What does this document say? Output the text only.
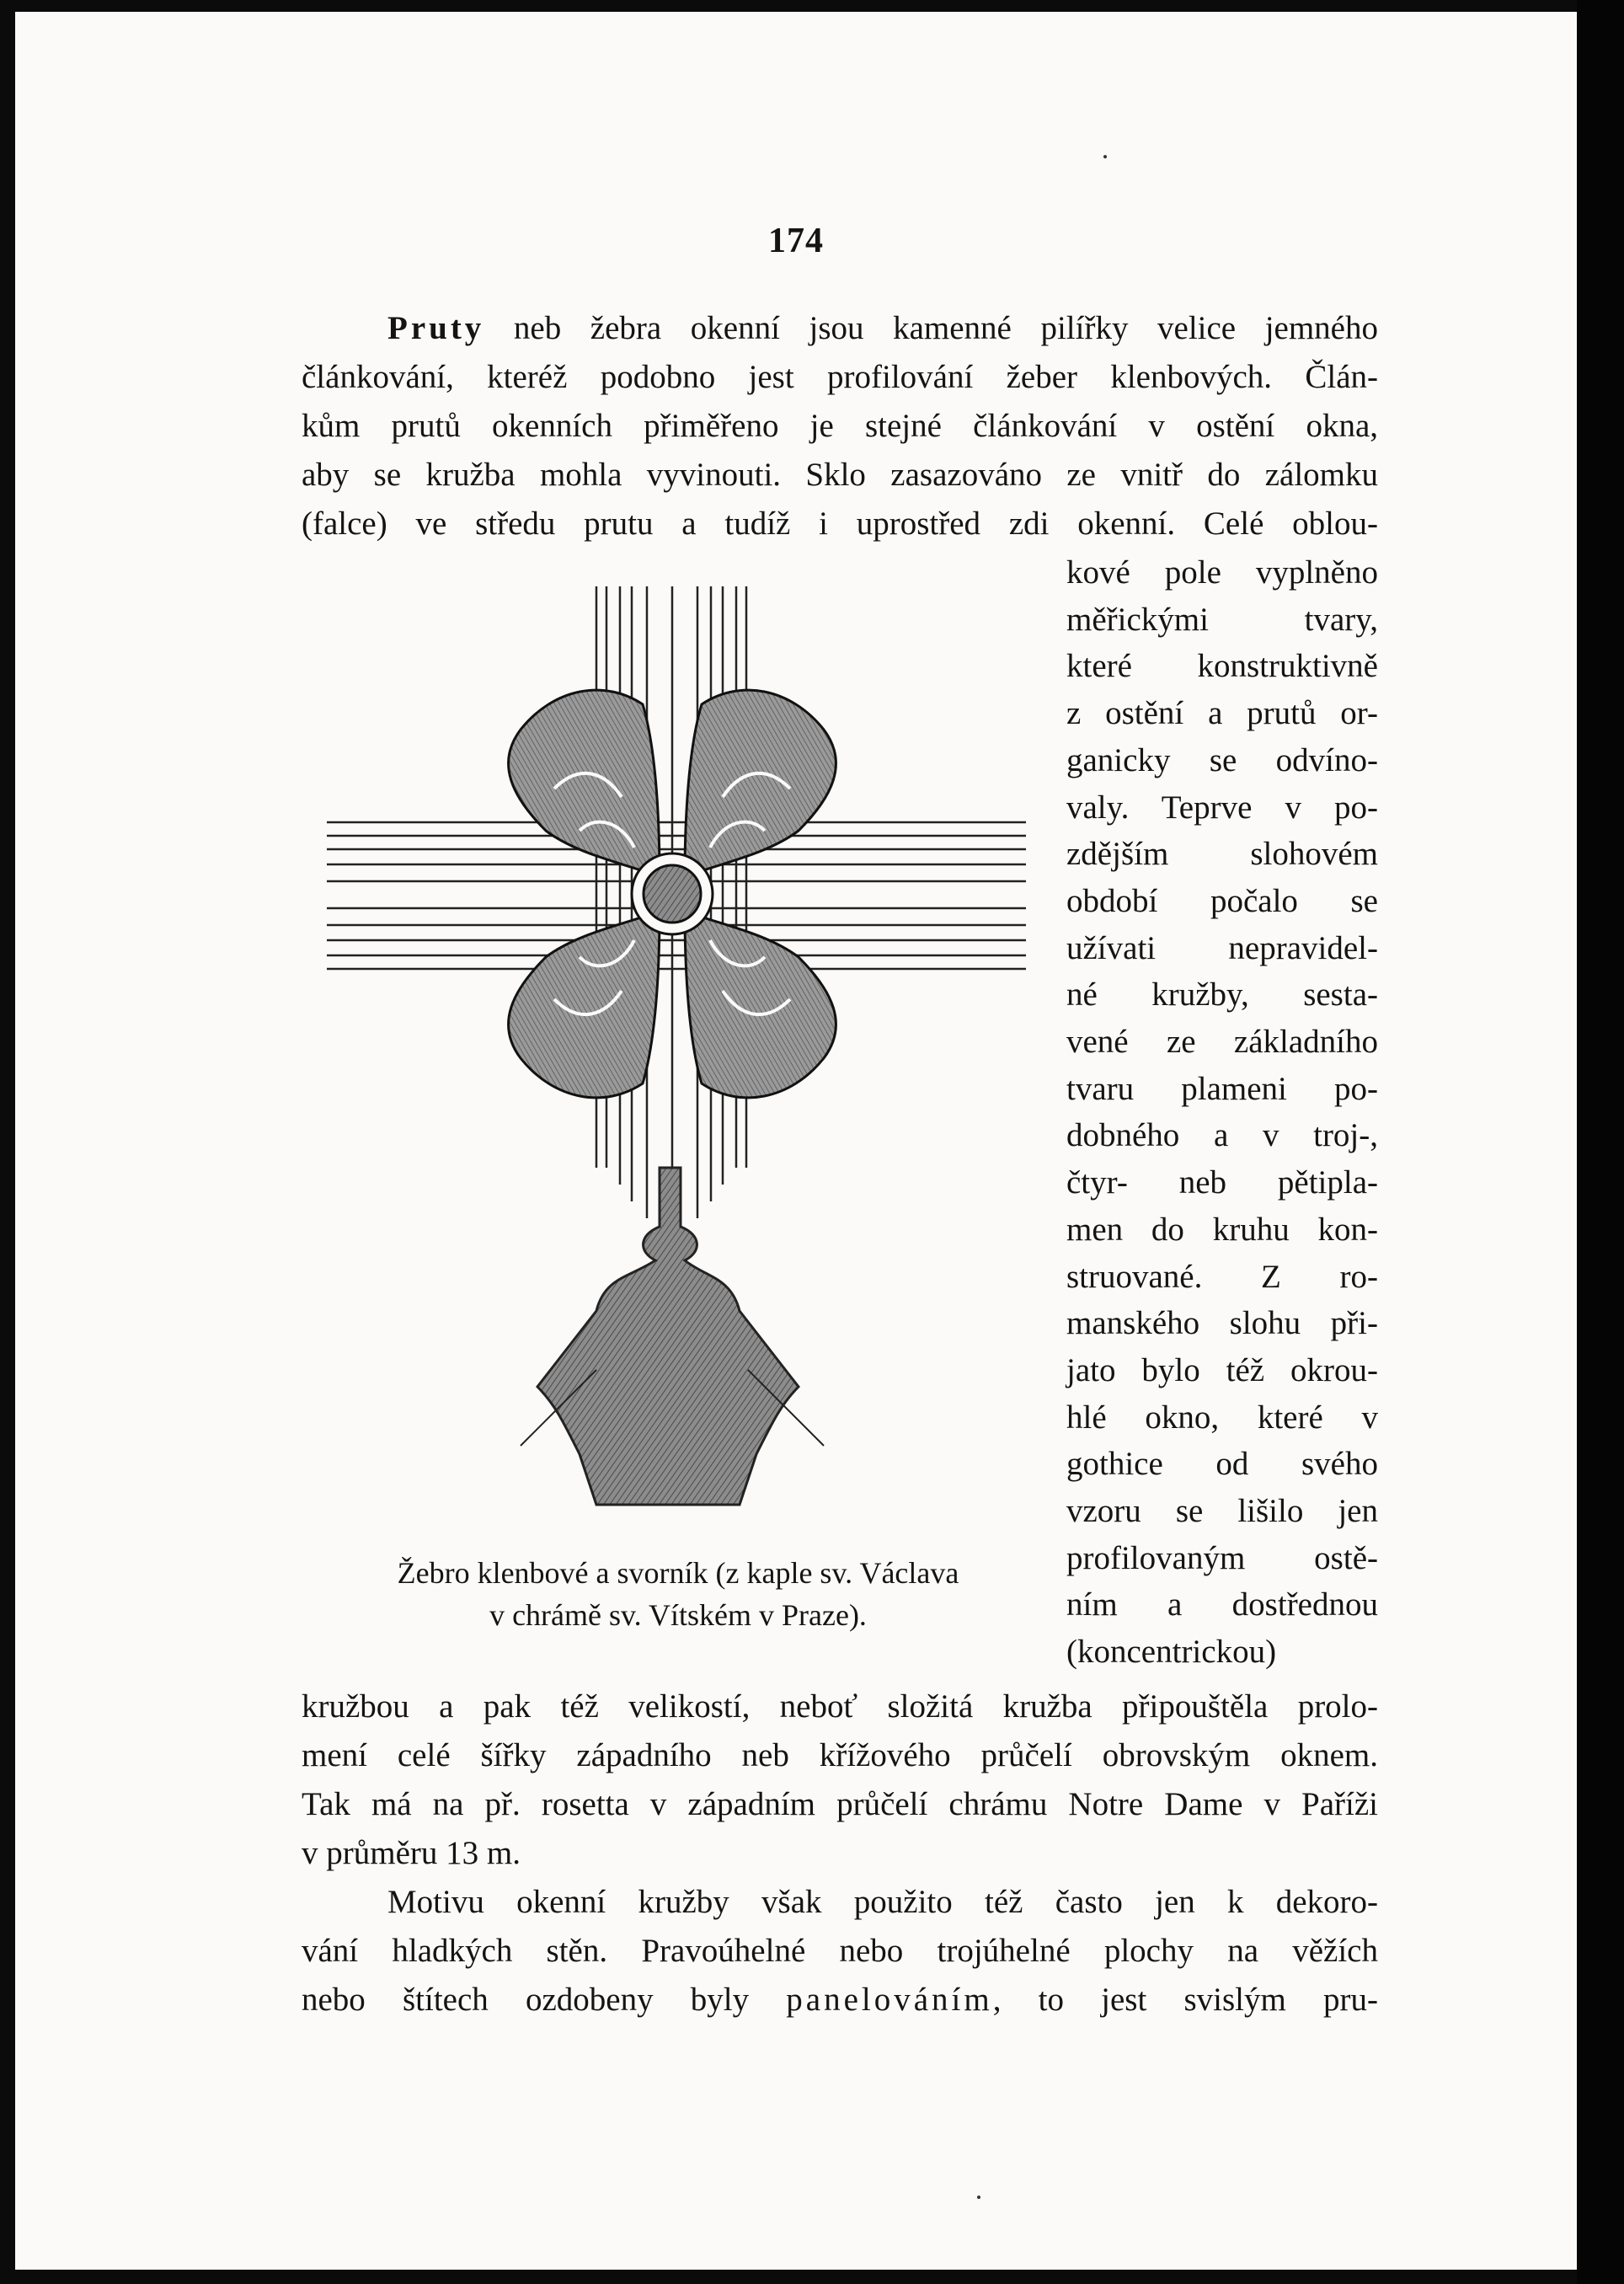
174
Pruty neb žebra okenní jsou kamenné pilířky velice jemného
článkování, kteréž podobno jest profilování žeber klenbových. Člán-
kům prutů okenních přiměřeno je stejné článkování v ostění okna,
aby se kružba mohla vyvinouti. Sklo zasazováno ze vnitř do zálomku
(falce) ve středu prutu a tudíž i uprostřed zdi okenní. Celé oblou-
Žebro klenbové a svorník (z kaple sv. Václava
v chrámě sv. Vítském v Praze).
kružbou a pak též velikostí, neboť složitá kružba připouštěla prolo-
mení celé šířky západního neb křížového průčelí obrovským oknem.
Tak má na př. rosetta v západním průčelí chrámu Notre Dame v Paříži
v průměru 13 m.
Motivu okenní kružby však použito též často jen k dekoro-
vání hladkých stěn. Pravoúhelné nebo trojúhelné plochy na věžích
nebo štítech ozdobeny byly panelováním, to jest svislým pru-
kové pole vyplněno
měřickými tvary,
které konstruktivně
z ostění a prutů or-
ganicky se odvíno-
valy. Teprve v po-
zdějším slohovém
období počalo se
užívati nepravidel-
né kružby, sesta-
vené ze základního
tvaru plameni po-
dobného a v troj-,
čtyr- neb pětipla-
men do kruhu kon-
struované. Z ro-
manského slohu při-
jato bylo též okrou-
hlé okno, které v
gothice od svého
vzoru se lišilo jen
profilovaným ostě-
ním a dostřednou
(koncentrickou)
